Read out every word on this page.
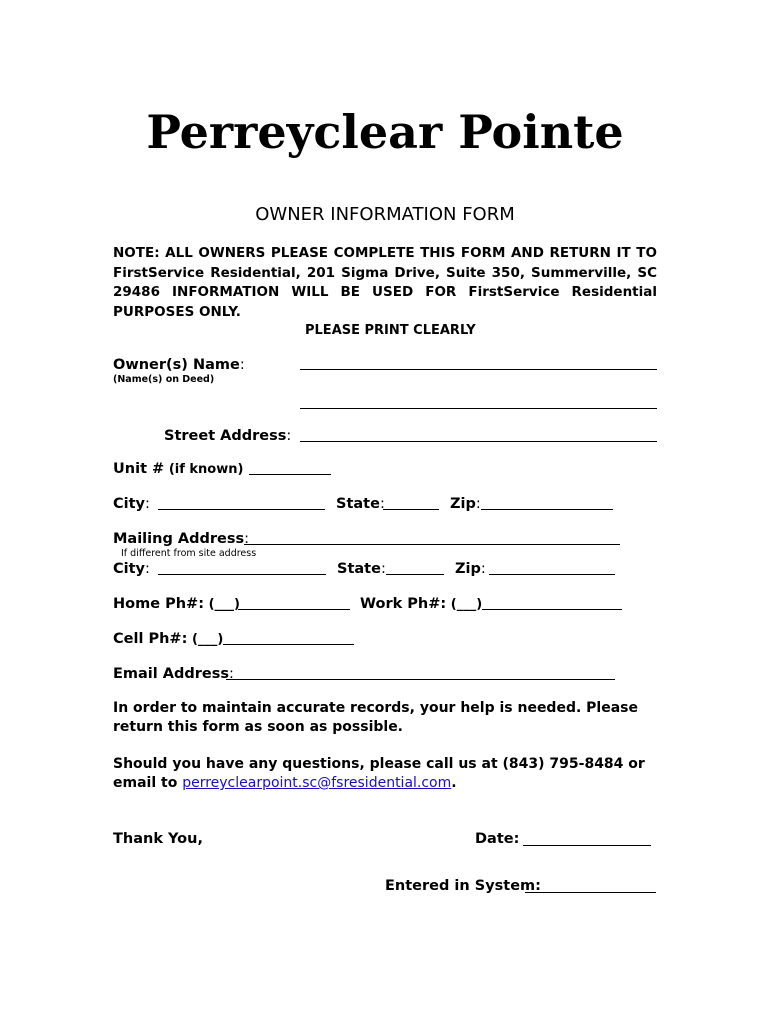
Perreyclear Pointe
OWNER INFORMATION FORM

NOTE: ALL OWNERS PLEASE COMPLETE THIS FORM AND RETURN IT TO FirstService Residential, 201 Sigma Drive, Suite 350, Summerville, SC 29486 INFORMATION WILL BE USED FOR FirstService Residential PURPOSES ONLY.

PLEASE PRINT CLEARLY
Owner(s) Name:
(Name(s) on Deed)
Street Address:
Unit # (if known)
City:	State:	Zip:
Mailing Address:
If different from site address
City:	State:	Zip:
Home Ph#: (___)	Work Ph#: (___)
Cell Ph#: (___)
Email Address:

In order to maintain accurate records, your help is needed. Please return this form as soon as possible.

Should you have any questions, please call us at (843) 795-8484 or email to perreyclearpoint.sc@fsresidential.com.

Thank You,	Date:
Entered in System:
